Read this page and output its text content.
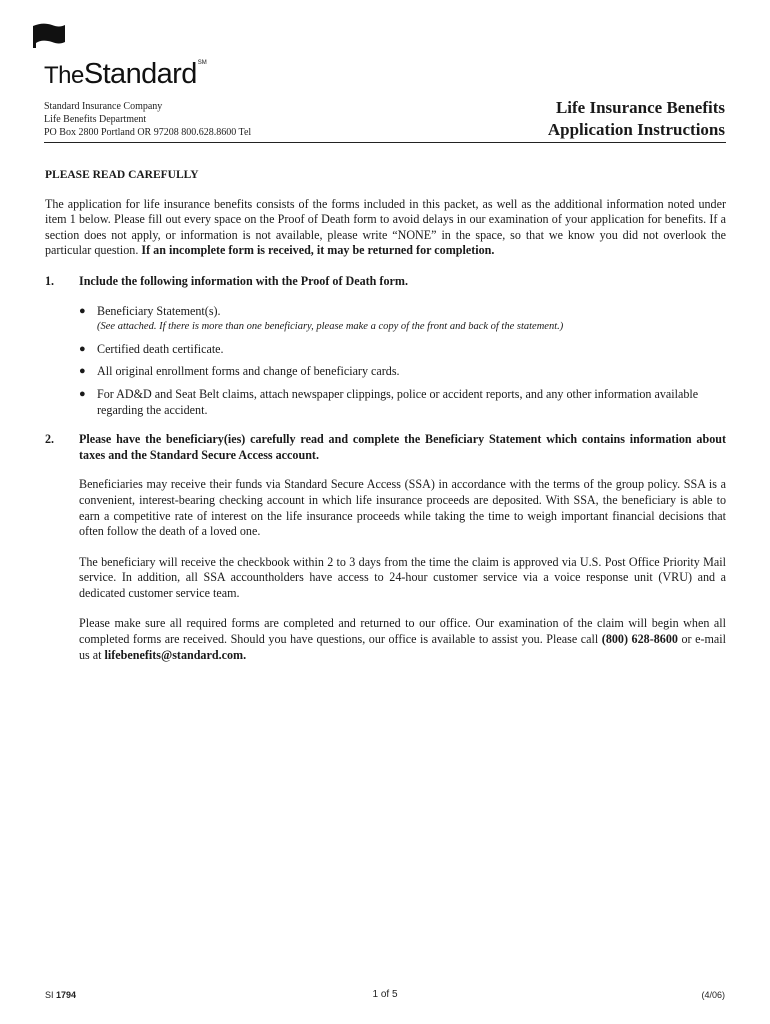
TheStandard℠
Standard Insurance Company
Life Benefits Department
PO Box 2800 Portland OR 97208 800.628.8600 Tel
Life Insurance Benefits
Application Instructions
PLEASE READ CAREFULLY

The application for life insurance benefits consists of the forms included in this packet, as well as the additional information noted under item 1 below. Please fill out every space on the Proof of Death form to avoid delays in our examination of your application for benefits. If a section does not apply, or information is not available, please write “NONE” in the space, so that we know you did not overlook the particular question. If an incomplete form is received, it may be returned for completion.

1. Include the following information with the Proof of Death form.
● Beneficiary Statement(s).
(See attached. If there is more than one beneficiary, please make a copy of the front and back of the statement.)
● Certified death certificate.
● All original enrollment forms and change of beneficiary cards.
● For AD&D and Seat Belt claims, attach newspaper clippings, police or accident reports, and any other information available regarding the accident.
2. Please have the beneficiary(ies) carefully read and complete the Beneficiary Statement which contains information about taxes and the Standard Secure Access account.

Beneficiaries may receive their funds via Standard Secure Access (SSA) in accordance with the terms of the group policy. SSA is a convenient, interest-bearing checking account in which life insurance proceeds are deposited. With SSA, the beneficiary is able to earn a competitive rate of interest on the life insurance proceeds while taking the time to weigh important financial decisions that often follow the death of a loved one.

The beneficiary will receive the checkbook within 2 to 3 days from the time the claim is approved via U.S. Post Office Priority Mail service. In addition, all SSA accountholders have access to 24-hour customer service via a voice response unit (VRU) and a dedicated customer service team.

Please make sure all required forms are completed and returned to our office. Our examination of the claim will begin when all completed forms are received. Should you have questions, our office is available to assist you. Please call (800) 628-8600 or e-mail us at lifebenefits@standard.com.

SI 1794	1 of 5	(4/06)
